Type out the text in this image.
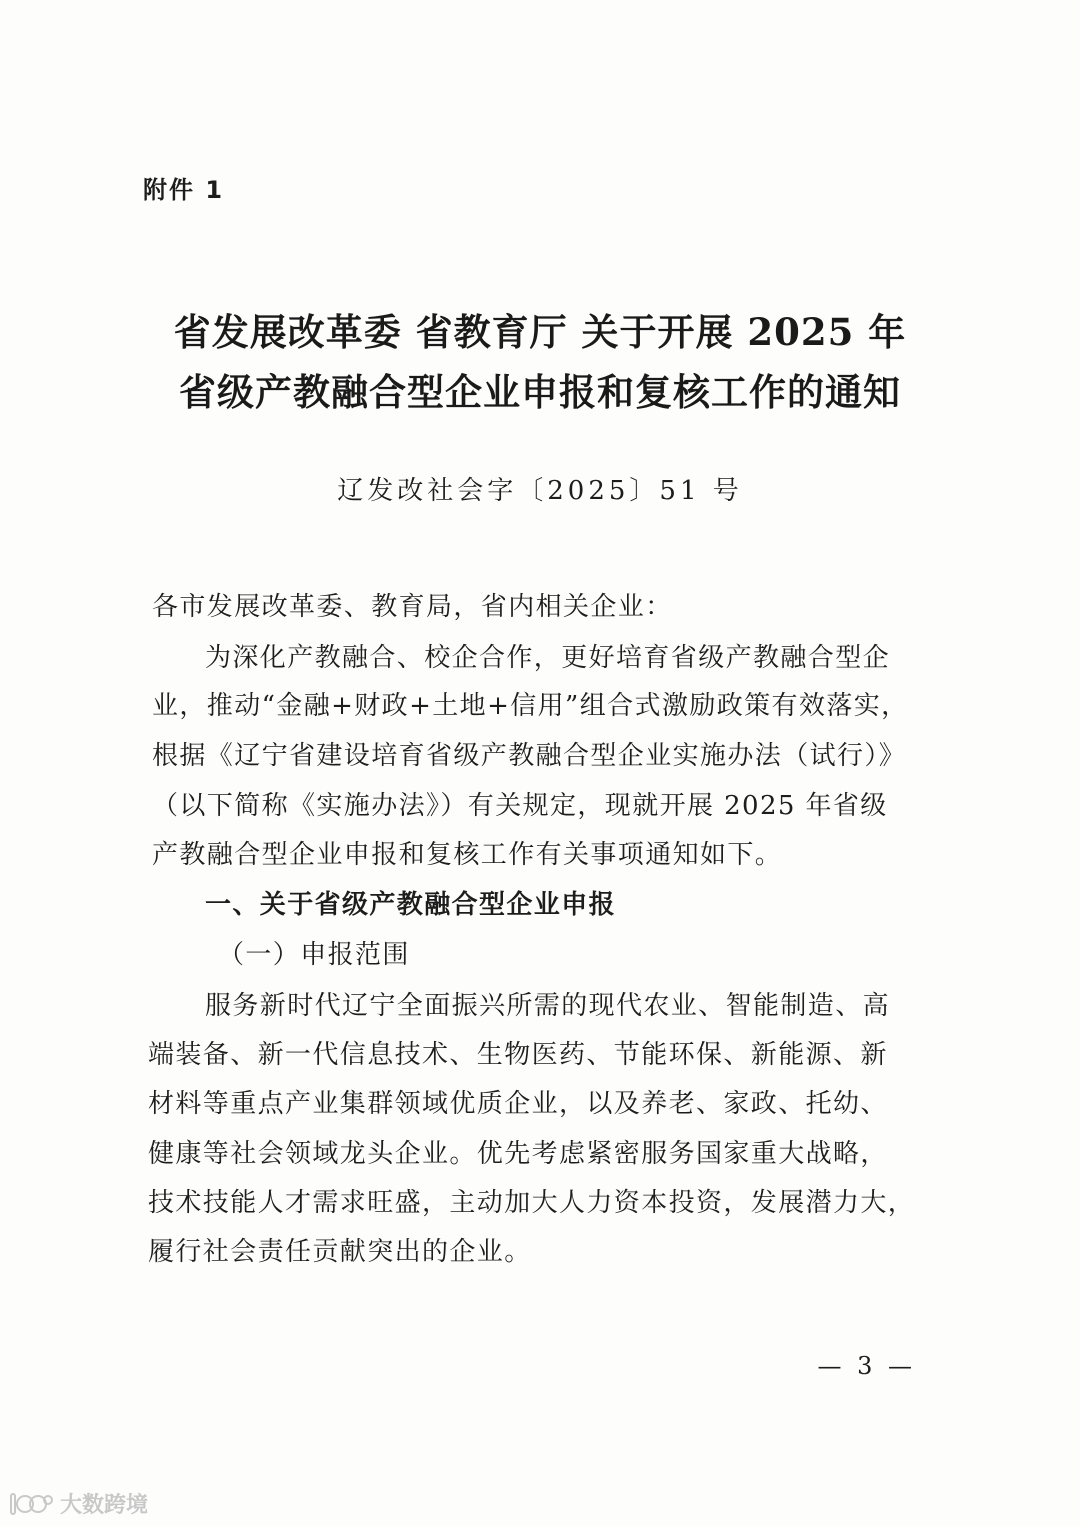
附件 1
省发展改革委 省教育厅 关于开展 2025 年
省级产教融合型企业申报和复核工作的通知
辽发改社会字〔2025〕51 号
各市发展改革委、教育局，省内相关企业：
为深化产教融合、校企合作，更好培育省级产教融合型企
业，推动“金融+财政+土地+信用”组合式激励政策有效落实，
根据《辽宁省建设培育省级产教融合型企业实施办法（试行）》
（以下简称《实施办法》）有关规定，现就开展 2025 年省级
产教融合型企业申报和复核工作有关事项通知如下。
一、关于省级产教融合型企业申报
（一）申报范围
服务新时代辽宁全面振兴所需的现代农业、智能制造、高
端装备、新一代信息技术、生物医药、节能环保、新能源、新
材料等重点产业集群领域优质企业，以及养老、家政、托幼、
健康等社会领域龙头企业。优先考虑紧密服务国家重大战略，
技术技能人才需求旺盛，主动加大人力资本投资，发展潜力大，
履行社会责任贡献突出的企业。
— 3 —
大数跨境
